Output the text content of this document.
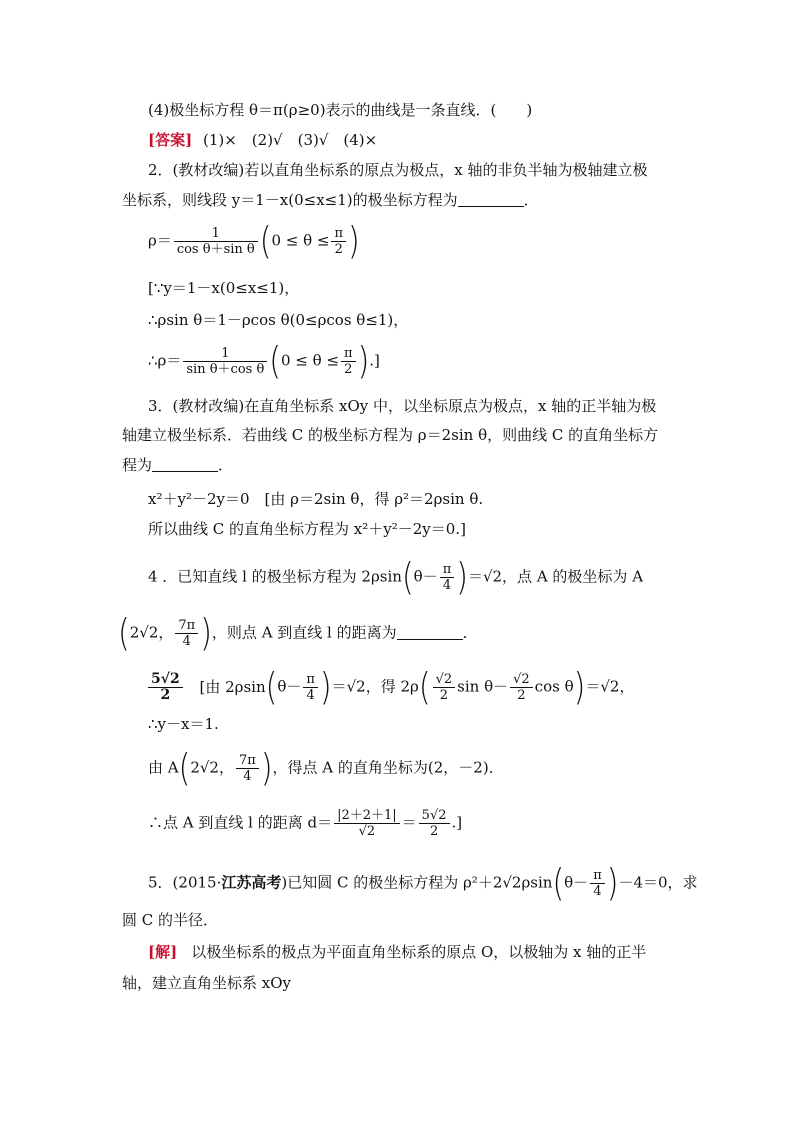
(4)极坐标方程 θ＝π(ρ≥0)表示的曲线是一条直线．(　　)
[答案] (1)×　(2)√　(3)√　(4)×
2．(教材改编)若以直角坐标系的原点为极点，x 轴的非负半轴为极轴建立极
坐标系，则线段 y＝1－x(0≤x≤1)的极坐标方程为	．
$\rho= \frac{1}{\text{cos θ＋sin θ}} (0 \le \theta \le \frac{\pi}{2}$ )
[∵y＝1－x(0≤x≤1)，
∴ρsin θ＝1－ρcos θ(0≤ρcos θ≤1)，
∴ρ＝ $\frac{1}{\text{sin θ＋cos θ}} (0 \le \theta \le \frac{\pi}{2}$ ).]
3．(教材改编)在直角坐标系 xOy 中，以坐标原点为极点，x 轴的正半轴为极
轴建立极坐标系．若曲线 C 的极坐标方程为 ρ＝2sin θ，则曲线 C 的直角坐标方
程为	．
x²＋y²－2y＝0　[由 ρ＝2sin θ，得 ρ²＝2ρsin θ.
所以曲线 C 的直角坐标方程为 x²＋y²－2y＝0.]
4 ．已知直线 l 的极坐标方程为 $2\rho\sin(\theta- \frac{\pi}{4} )=√2$，点 A 的极坐标为 A
(2√2， $\frac{7\pi}{4}$ )，则点 A 到直线 l 的距离为	．
$\frac{5√2}{2}$ [由 $2\rho\sin(\theta- \frac{\pi}{4} )=√2$，得 $2\rho( \frac{√2}{2}$ $\sin \theta- \frac{√2}{2}$ cos θ)＝√2，
∴y－x＝1.
由 A(2√2， $\frac{7\pi}{4}$ )，得点 A 的直角坐标为(2，－2)．
∴点 A 到直线 l 的距离 $d= \frac{|2+2+1|}{√2} = \frac{5√2}{2}$ .]
5．(2015·江苏高考)已知圆 C 的极坐标方程为 $\rho^2+2√2\rho\sin(\theta- \frac{\pi}{4} )-4=0$，求
圆 C 的半径．
[解] 以极坐标系的极点为平面直角坐标系的原点 O，以极轴为 x 轴的正半
轴，建立直角坐标系 xOy
